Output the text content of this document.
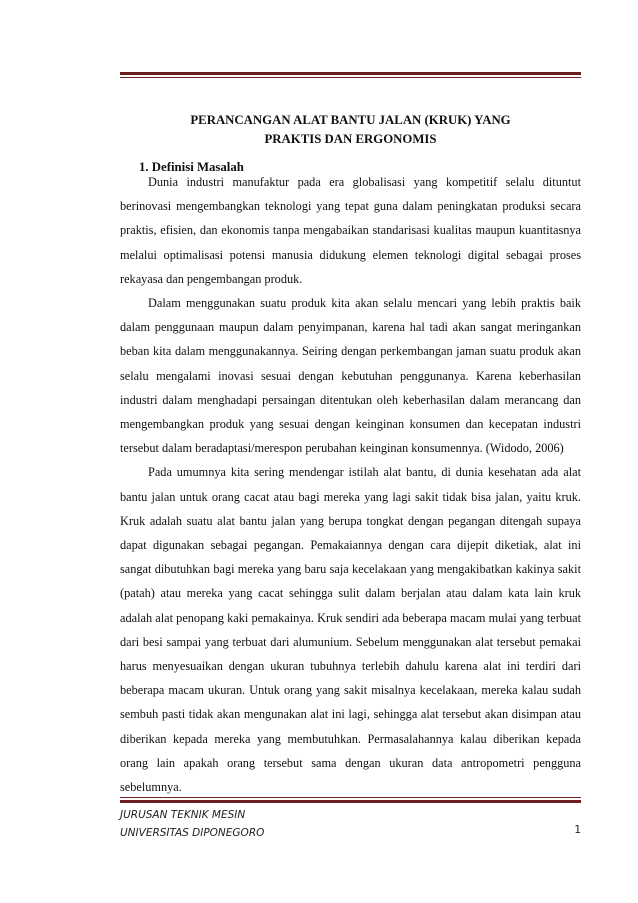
PERANCANGAN ALAT BANTU JALAN (KRUK) YANG
PRAKTIS DAN ERGONOMIS
1. Definisi Masalah

Dunia industri manufaktur pada era globalisasi yang kompetitif selalu dituntut berinovasi mengembangkan teknologi yang tepat guna dalam peningkatan produksi secara praktis, efisien, dan ekonomis tanpa mengabaikan standarisasi kualitas maupun kuantitasnya melalui optimalisasi potensi manusia didukung elemen teknologi digital sebagai proses rekayasa dan pengembangan produk.

Dalam menggunakan suatu produk kita akan selalu mencari yang lebih praktis baik dalam penggunaan maupun dalam penyimpanan, karena hal tadi akan sangat meringankan beban kita dalam menggunakannya. Seiring dengan perkembangan jaman suatu produk akan selalu mengalami inovasi sesuai dengan kebutuhan penggunanya. Karena keberhasilan industri dalam menghadapi persaingan ditentukan oleh keberhasilan dalam merancang dan mengembangkan produk yang sesuai dengan keinginan konsumen dan kecepatan industri tersebut dalam beradaptasi/merespon perubahan keinginan konsumennya. (Widodo, 2006)

Pada umumnya kita sering mendengar istilah alat bantu, di dunia kesehatan ada alat bantu jalan untuk orang cacat atau bagi mereka yang lagi sakit tidak bisa jalan, yaitu kruk. Kruk adalah suatu alat bantu jalan yang berupa tongkat dengan pegangan ditengah supaya dapat digunakan sebagai pegangan. Pemakaiannya dengan cara dijepit diketiak, alat ini sangat dibutuhkan bagi mereka yang baru saja kecelakaan yang mengakibatkan kakinya sakit (patah) atau mereka yang cacat sehingga sulit dalam berjalan atau dalam kata lain kruk adalah alat penopang kaki pemakainya. Kruk sendiri ada beberapa macam mulai yang terbuat dari besi sampai yang terbuat dari alumunium. Sebelum menggunakan alat tersebut pemakai harus menyesuaikan dengan ukuran tubuhnya terlebih dahulu karena alat ini terdiri dari beberapa macam ukuran. Untuk orang yang sakit misalnya kecelakaan, mereka kalau sudah sembuh pasti tidak akan mengunakan alat ini lagi, sehingga alat tersebut akan disimpan atau diberikan kepada mereka yang membutuhkan. Permasalahannya kalau diberikan kepada orang lain apakah orang tersebut sama dengan ukuran data antropometri pengguna sebelumnya.

JURUSAN TEKNIK MESIN
UNIVERSITAS DIPONEGORO	1
